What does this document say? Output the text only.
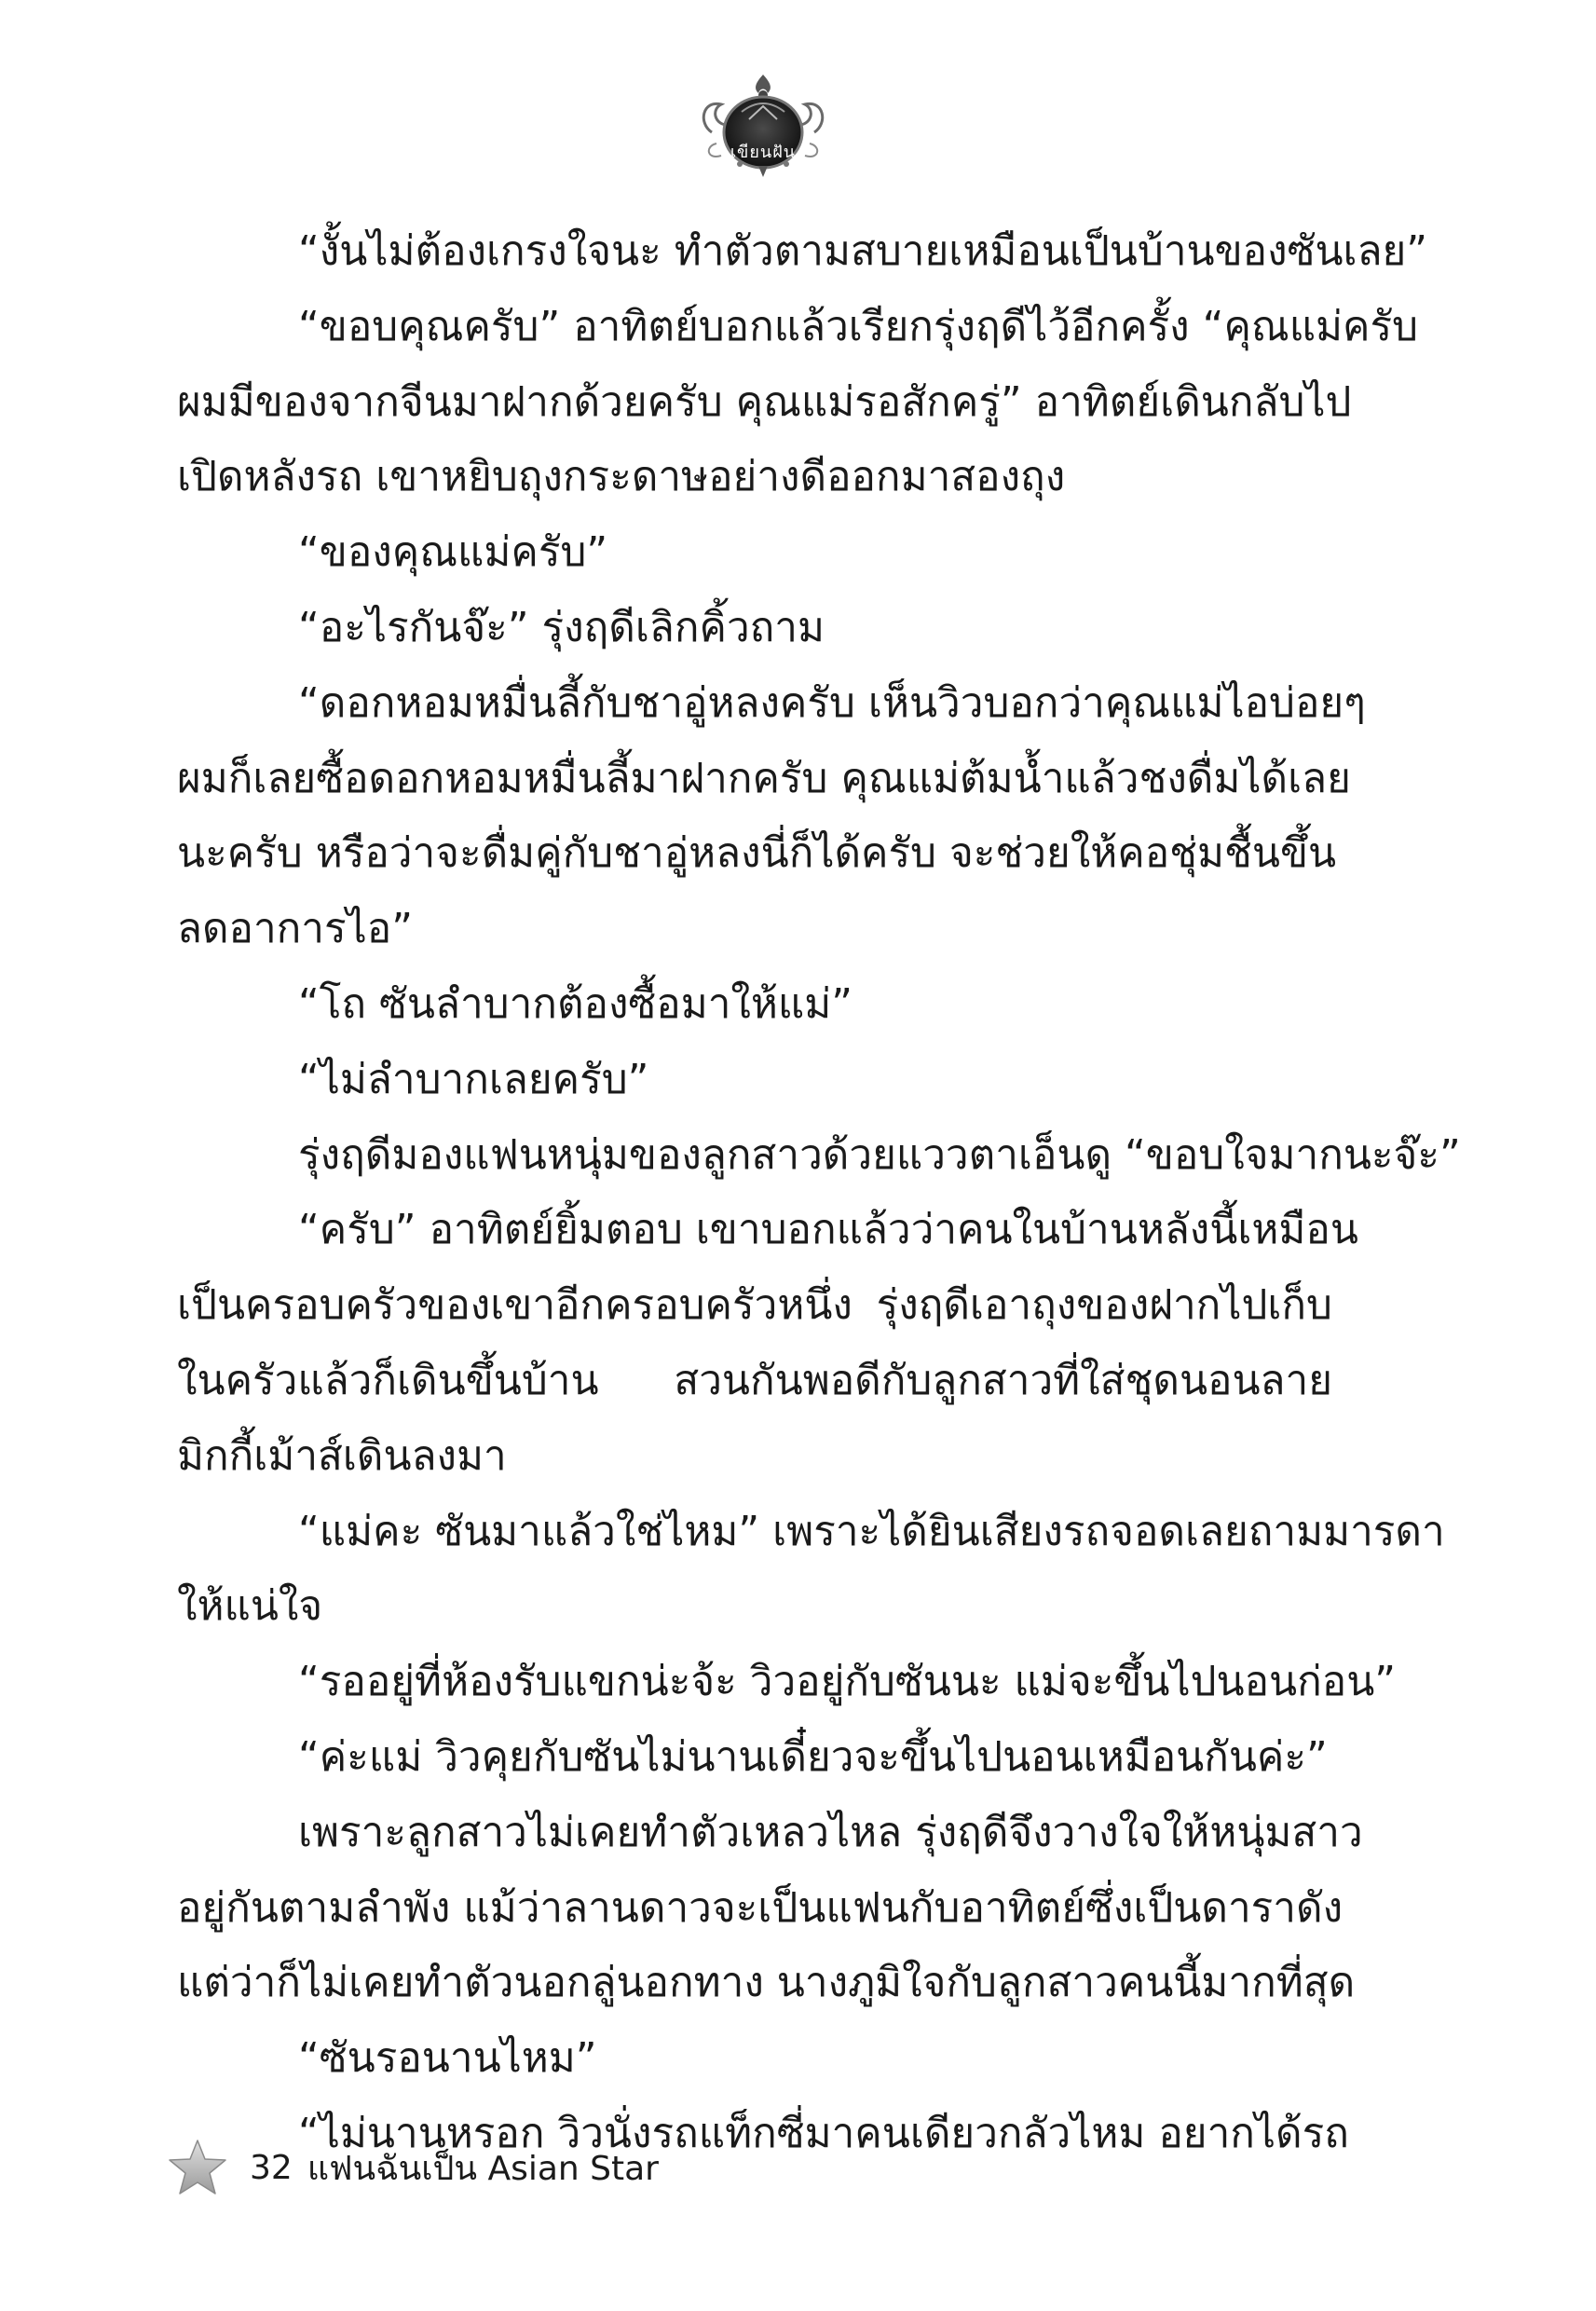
เขียนฝัน
“งั้นไม่ต้องเกรงใจนะ ทำตัวตามสบายเหมือนเป็นบ้านของซันเลย”
“ขอบคุณครับ” อาทิตย์บอกแล้วเรียกรุ่งฤดีไว้อีกครั้ง “คุณแม่ครับ
ผมมีของจากจีนมาฝากด้วยครับ คุณแม่รอสักครู่” อาทิตย์เดินกลับไป
เปิดหลังรถ เขาหยิบถุงกระดาษอย่างดีออกมาสองถุง
“ของคุณแม่ครับ”
“อะไรกันจ๊ะ” รุ่งฤดีเลิกคิ้วถาม
“ดอกหอมหมื่นลี้กับชาอู่หลงครับ เห็นวิวบอกว่าคุณแม่ไอบ่อยๆ
ผมก็เลยซื้อดอกหอมหมื่นลี้มาฝากครับ คุณแม่ต้มน้ำแล้วชงดื่มได้เลย
นะครับ หรือว่าจะดื่มคู่กับชาอู่หลงนี่ก็ได้ครับ จะช่วยให้คอชุ่มชื้นขึ้น
ลดอาการไอ”
“โถ ซันลำบากต้องซื้อมาให้แม่”
“ไม่ลำบากเลยครับ”
รุ่งฤดีมองแฟนหนุ่มของลูกสาวด้วยแววตาเอ็นดู “ขอบใจมากนะจ๊ะ”
“ครับ” อาทิตย์ยิ้มตอบ เขาบอกแล้วว่าคนในบ้านหลังนี้เหมือน
เป็นครอบครัวของเขาอีกครอบครัวหนึ่ง รุ่งฤดีเอาถุงของฝากไปเก็บ
ในครัวแล้วก็เดินขึ้นบ้าน สวนกันพอดีกับลูกสาวที่ใส่ชุดนอนลาย
มิกกี้เม้าส์เดินลงมา
“แม่คะ ซันมาแล้วใช่ไหม” เพราะได้ยินเสียงรถจอดเลยถามมารดา
ให้แน่ใจ
“รออยู่ที่ห้องรับแขกน่ะจ้ะ วิวอยู่กับซันนะ แม่จะขึ้นไปนอนก่อน”
“ค่ะแม่ วิวคุยกับซันไม่นานเดี๋ยวจะขึ้นไปนอนเหมือนกันค่ะ”
เพราะลูกสาวไม่เคยทำตัวเหลวไหล รุ่งฤดีจึงวางใจให้หนุ่มสาว
อยู่กันตามลำพัง แม้ว่าลานดาวจะเป็นแฟนกับอาทิตย์ซึ่งเป็นดาราดัง
แต่ว่าก็ไม่เคยทำตัวนอกลู่นอกทาง นางภูมิใจกับลูกสาวคนนี้มากที่สุด
“ซันรอนานไหม”
“ไม่นานหรอก วิวนั่งรถแท็กซี่มาคนเดียวกลัวไหม อยากได้รถ
32 แฟนฉันเป็น Asian Star
